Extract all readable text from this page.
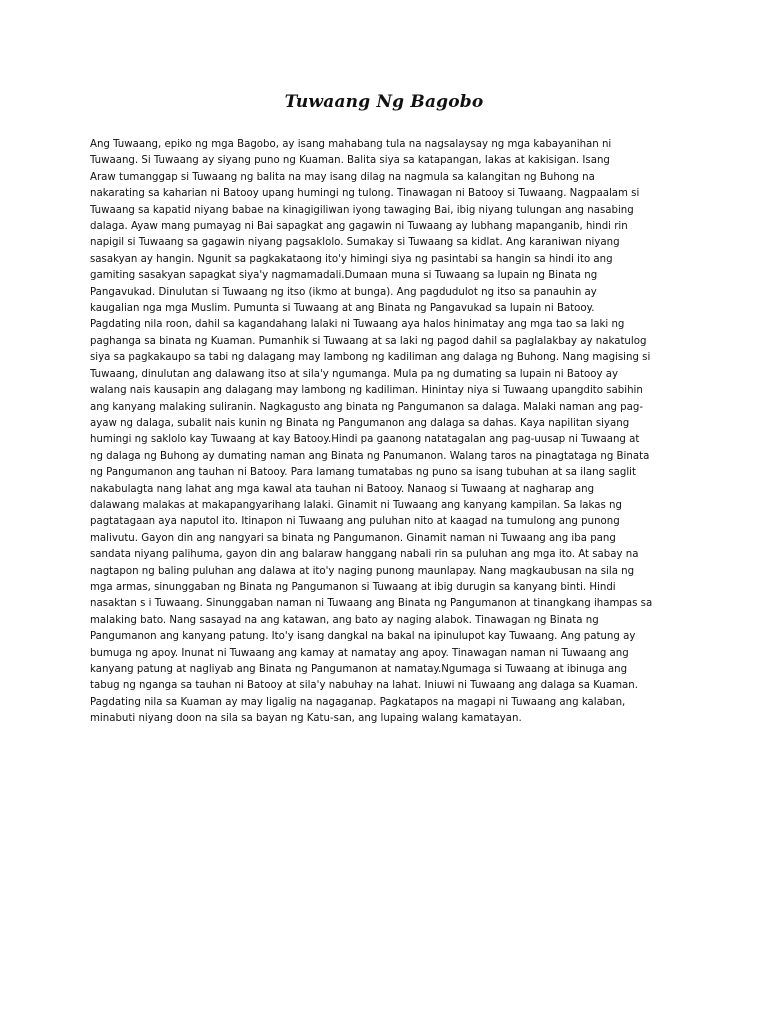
Tuwaang Ng Bagobo
Ang Tuwaang, epiko ng mga Bagobo, ay isang mahabang tula na nagsalaysay ng mga kabayanihan ni
Tuwaang. Si Tuwaang ay siyang puno ng Kuaman. Balita siya sa katapangan, lakas at kakisigan. Isang
Araw tumanggap si Tuwaang ng balita na may isang dilag na nagmula sa kalangitan ng Buhong na
nakarating sa kaharian ni Batooy upang humingi ng tulong. Tinawagan ni Batooy si Tuwaang. Nagpaalam si
Tuwaang sa kapatid niyang babae na kinagigiliwan iyong tawaging Bai, ibig niyang tulungan ang nasabing
dalaga. Ayaw mang pumayag ni Bai sapagkat ang gagawin ni Tuwaang ay lubhang mapanganib, hindi rin
napigil si Tuwaang sa gagawin niyang pagsaklolo. Sumakay si Tuwaang sa kidlat. Ang karaniwan niyang
sasakyan ay hangin. Ngunit sa pagkakataong ito'y himingi siya ng pasintabi sa hangin sa hindi ito ang
gamiting sasakyan sapagkat siya'y nagmamadali.Dumaan muna si Tuwaang sa lupain ng Binata ng
Pangavukad. Dinulutan si Tuwaang ng itso (ikmo at bunga). Ang pagdudulot ng itso sa panauhin ay
kaugalian nga mga Muslim. Pumunta si Tuwaang at ang Binata ng Pangavukad sa lupain ni Batooy.
Pagdating nila roon, dahil sa kagandahang lalaki ni Tuwaang aya halos hinimatay ang mga tao sa laki ng
paghanga sa binata ng Kuaman. Pumanhik si Tuwaang at sa laki ng pagod dahil sa paglalakbay ay nakatulog
siya sa pagkakaupo sa tabi ng dalagang may lambong ng kadiliman ang dalaga ng Buhong. Nang magising si
Tuwaang, dinulutan ang dalawang itso at sila'y ngumanga. Mula pa ng dumating sa lupain ni Batooy ay
walang nais kausapin ang dalagang may lambong ng kadiliman. Hinintay niya si Tuwaang upangdito sabihin
ang kanyang malaking suliranin. Nagkagusto ang binata ng Pangumanon sa dalaga. Malaki naman ang pag-
ayaw ng dalaga, subalit nais kunin ng Binata ng Pangumanon ang dalaga sa dahas. Kaya napilitan siyang
humingi ng saklolo kay Tuwaang at kay Batooy.Hindi pa gaanong natatagalan ang pag-uusap ni Tuwaang at
ng dalaga ng Buhong ay dumating naman ang Binata ng Panumanon. Walang taros na pinagtataga ng Binata
ng Pangumanon ang tauhan ni Batooy. Para lamang tumatabas ng puno sa isang tubuhan at sa ilang saglit
nakabulagta nang lahat ang mga kawal ata tauhan ni Batooy. Nanaog si Tuwaang at nagharap ang
dalawang malakas at makapangyarihang lalaki. Ginamit ni Tuwaang ang kanyang kampilan. Sa lakas ng
pagtatagaan aya naputol ito. Itinapon ni Tuwaang ang puluhan nito at kaagad na tumulong ang punong
malivutu. Gayon din ang nangyari sa binata ng Pangumanon. Ginamit naman ni Tuwaang ang iba pang
sandata niyang palihuma, gayon din ang balaraw hanggang nabali rin sa puluhan ang mga ito. At sabay na
nagtapon ng baling puluhan ang dalawa at ito'y naging punong maunlapay. Nang magkaubusan na sila ng
mga armas, sinunggaban ng Binata ng Pangumanon si Tuwaang at ibig durugin sa kanyang binti. Hindi
nasaktan s i Tuwaang. Sinunggaban naman ni Tuwaang ang Binata ng Pangumanon at tinangkang ihampas sa
malaking bato. Nang sasayad na ang katawan, ang bato ay naging alabok. Tinawagan ng Binata ng
Pangumanon ang kanyang patung. Ito'y isang dangkal na bakal na ipinulupot kay Tuwaang. Ang patung ay
bumuga ng apoy. Inunat ni Tuwaang ang kamay at namatay ang apoy. Tinawagan naman ni Tuwaang ang
kanyang patung at nagliyab ang Binata ng Pangumanon at namatay.Ngumaga si Tuwaang at ibinuga ang
tabug ng nganga sa tauhan ni Batooy at sila'y nabuhay na lahat. Iniuwi ni Tuwaang ang dalaga sa Kuaman.
Pagdating nila sa Kuaman ay may ligalig na nagaganap. Pagkatapos na magapi ni Tuwaang ang kalaban,
minabuti niyang doon na sila sa bayan ng Katu-san, ang lupaing walang kamatayan.
